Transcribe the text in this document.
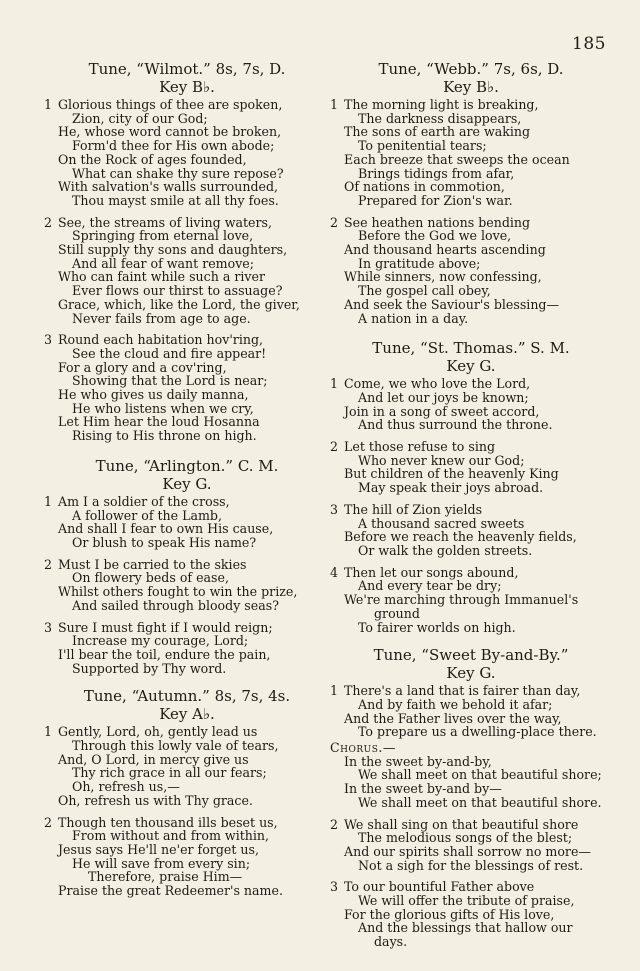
185
Tune, “Wilmot.” 8s, 7s, D.
Key B♭.
1 Glorious things of thee are spoken,
Zion, city of our God;
He, whose word cannot be broken,
Form'd thee for His own abode;
On the Rock of ages founded,
What can shake thy sure repose?
With salvation's walls surrounded,
Thou mayst smile at all thy foes.
2 See, the streams of living waters,
Springing from eternal love,
Still supply thy sons and daughters,
And all fear of want remove;
Who can faint while such a river
Ever flows our thirst to assuage?
Grace, which, like the Lord, the giver,
Never fails from age to age.
3 Round each habitation hov'ring,
See the cloud and fire appear!
For a glory and a cov'ring,
Showing that the Lord is near;
He who gives us daily manna,
He who listens when we cry,
Let Him hear the loud Hosanna
Rising to His throne on high.
Tune, “Arlington.” C. M.
Key G.
1 Am I a soldier of the cross,
A follower of the Lamb,
And shall I fear to own His cause,
Or blush to speak His name?
2 Must I be carried to the skies
On flowery beds of ease,
Whilst others fought to win the prize,
And sailed through bloody seas?
3 Sure I must fight if I would reign;
Increase my courage, Lord;
I'll bear the toil, endure the pain,
Supported by Thy word.
Tune, “Autumn.” 8s, 7s, 4s.
Key A♭.
1 Gently, Lord, oh, gently lead us
Through this lowly vale of tears,
And, O Lord, in mercy give us
Thy rich grace in all our fears;
Oh, refresh us,—
Oh, refresh us with Thy grace.
2 Though ten thousand ills beset us,
From without and from within,
Jesus says He'll ne'er forget us,
He will save from every sin;
Therefore, praise Him—
Praise the great Redeemer's name.
Tune, “Webb.” 7s, 6s, D.
Key B♭.
1 The morning light is breaking,
The darkness disappears,
The sons of earth are waking
To penitential tears;
Each breeze that sweeps the ocean
Brings tidings from afar,
Of nations in commotion,
Prepared for Zion's war.
2 See heathen nations bending
Before the God we love,
And thousand hearts ascending
In gratitude above;
While sinners, now confessing,
The gospel call obey,
And seek the Saviour's blessing—
A nation in a day.
Tune, “St. Thomas.” S. M.
Key G.
1 Come, we who love the Lord,
And let our joys be known;
Join in a song of sweet accord,
And thus surround the throne.
2 Let those refuse to sing
Who never knew our God;
But children of the heavenly King
May speak their joys abroad.
3 The hill of Zion yields
A thousand sacred sweets
Before we reach the heavenly fields,
Or walk the golden streets.
4 Then let our songs abound,
And every tear be dry;
We're marching through Immanuel's
ground
To fairer worlds on high.
Tune, “Sweet By-and-By.”
Key G.
1 There's a land that is fairer than day,
And by faith we behold it afar;
And the Father lives over the way,
To prepare us a dwelling-place there.
Chorus.—
In the sweet by-and-by,
We shall meet on that beautiful shore;
In the sweet by-and by—
We shall meet on that beautiful shore.
2 We shall sing on that beautiful shore
The melodious songs of the blest;
And our spirits shall sorrow no more—
Not a sigh for the blessings of rest.
3 To our bountiful Father above
We will offer the tribute of praise,
For the glorious gifts of His love,
And the blessings that hallow our
days.
